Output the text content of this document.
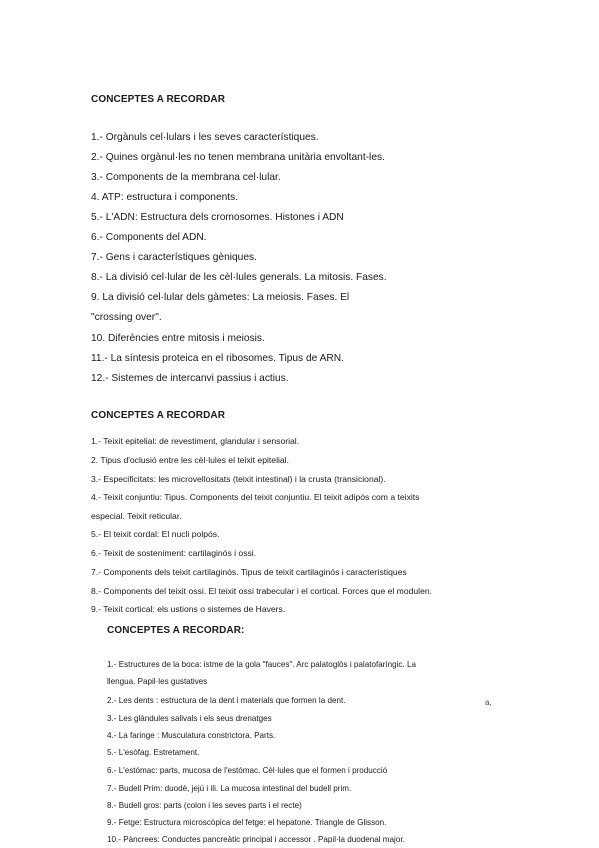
CONCEPTES A RECORDAR
1.- Orgànuls cel·lulars i les seves característiques.
2.- Quines orgànul·les no tenen membrana unitària envoltant-les.
3.- Components de la membrana cel·lular.
4. ATP: estructura i components.
5.- L'ADN: Estructura dels cromosomes. Histones i ADN
6.- Components del ADN.
7.- Gens i característiques gèniques.
8.- La divisió cel·lular de les cèl·lules generals. La mitosis. Fases.
9. La divisió cel·lular dels gàmetes: La meiosis. Fases. El
"crossing over".
10. Diferències entre mitosis i meiosis.
11.- La síntesis proteica en el ribosomes. Tipus de ARN.
12.- Sistemes de intercanvi passius i actius.
CONCEPTES A RECORDAR
1.- Teixit epitelial: de revestiment, glandular i sensorial.
2. Tipus d'oclusió entre les cèl·lules el teixit epitelial.
3.- Especificitats: les microvellositats (teixit intestinal) i la crusta (transicional).
4.- Teixit conjuntiu: Tipus. Components del teixit conjuntiu. El teixit adipós com a teixits
especial. Teixit reticular.
5.- El teixit cordal: El nucli polpós.
6.- Teixit de sosteniment: cartilaginós i ossi.
7.- Components dels teixit cartilaginós. Tipus de teixit cartilaginós i característiques
8.- Components del teixit ossi. El teixit ossi trabecular i el cortical. Forces que el modulen.
9.- Teixit cortical: els ustions o sistemes de Havers.
CONCEPTES A RECORDAR:
1.- Estructures de la boca: istme de la gola "fauces". Arc palatoglòs i palatofaríngic. La
llengua. Papil·les gustatives
2.- Les dents : estructura de la dent i materials que formen la dent.
3.- Les glàndules salivals i els seus drenatges
4.- La faringe : Musculatura constrictora. Parts.
5.- L'esòfag. Estretament.
6.- L'estómac: parts, mucosa de l'estómac. Cèl·lules que el formen i producció
7.- Budell Prim: duodè, jejú i ili. La mucosa intestinal del budell prim.
8.- Budell gros: parts (colon i les seves parts i el recte)
9.- Fetge: Estructura microscòpica del fetge: el hepatone. Triangle de Glisson.
10.- Pàncrees: Conductes pancreàtic principal i accessor . Papil·la duodenal major.
a,
